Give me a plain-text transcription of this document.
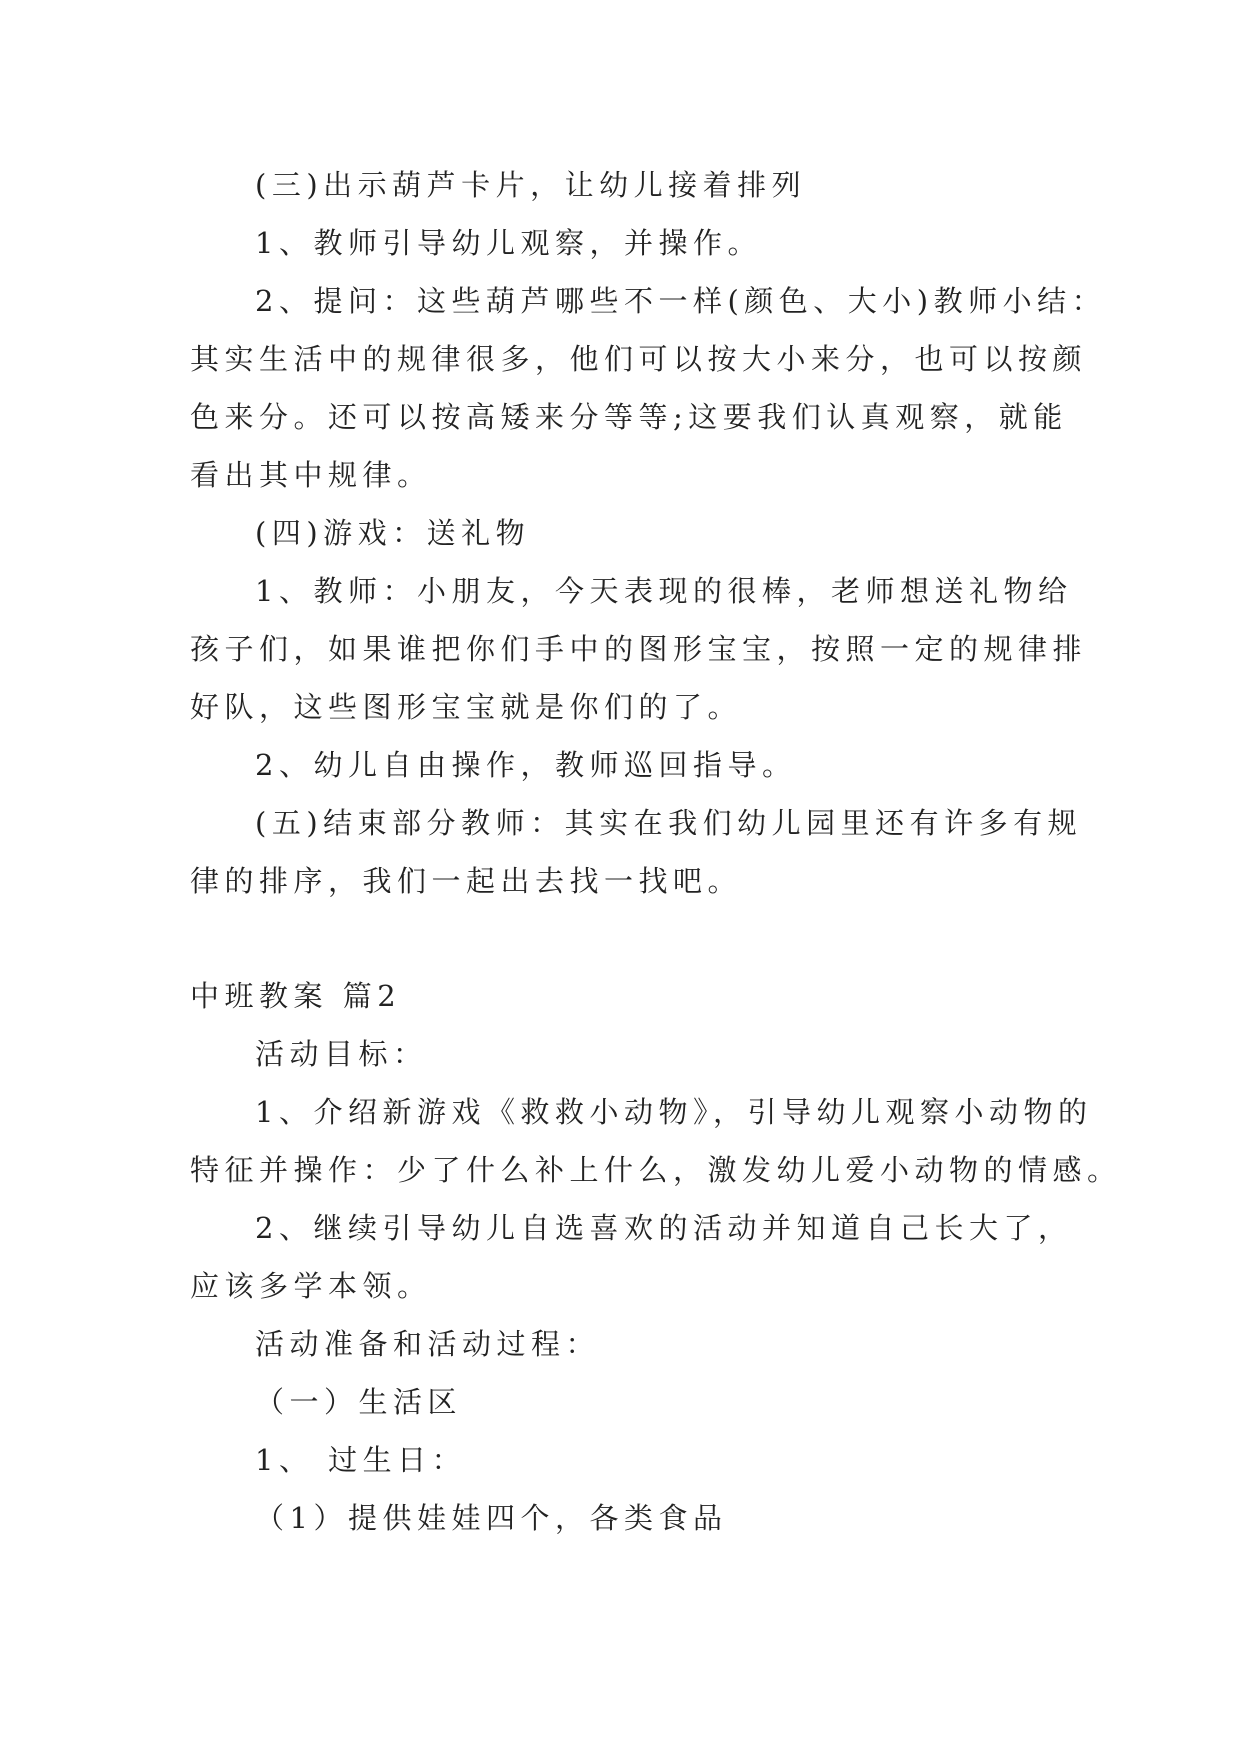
(三)出示葫芦卡片，让幼儿接着排列
1、教师引导幼儿观察，并操作。
2、提问：这些葫芦哪些不一样(颜色、大小)教师小结：
其实生活中的规律很多，他们可以按大小来分，也可以按颜
色来分。还可以按高矮来分等等;这要我们认真观察，就能
看出其中规律。
(四)游戏：送礼物
1、教师：小朋友，今天表现的很棒，老师想送礼物给
孩子们，如果谁把你们手中的图形宝宝，按照一定的规律排
好队，这些图形宝宝就是你们的了。
2、幼儿自由操作，教师巡回指导。
(五)结束部分教师：其实在我们幼儿园里还有许多有规
律的排序，我们一起出去找一找吧。
中班教案 篇2
活动目标：
1、介绍新游戏《救救小动物》，引导幼儿观察小动物的
特征并操作：少了什么补上什么，激发幼儿爱小动物的情感。
2、继续引导幼儿自选喜欢的活动并知道自己长大了，
应该多学本领。
活动准备和活动过程：
（一）生活区
1、 过生日：
（1）提供娃娃四个，各类食品
